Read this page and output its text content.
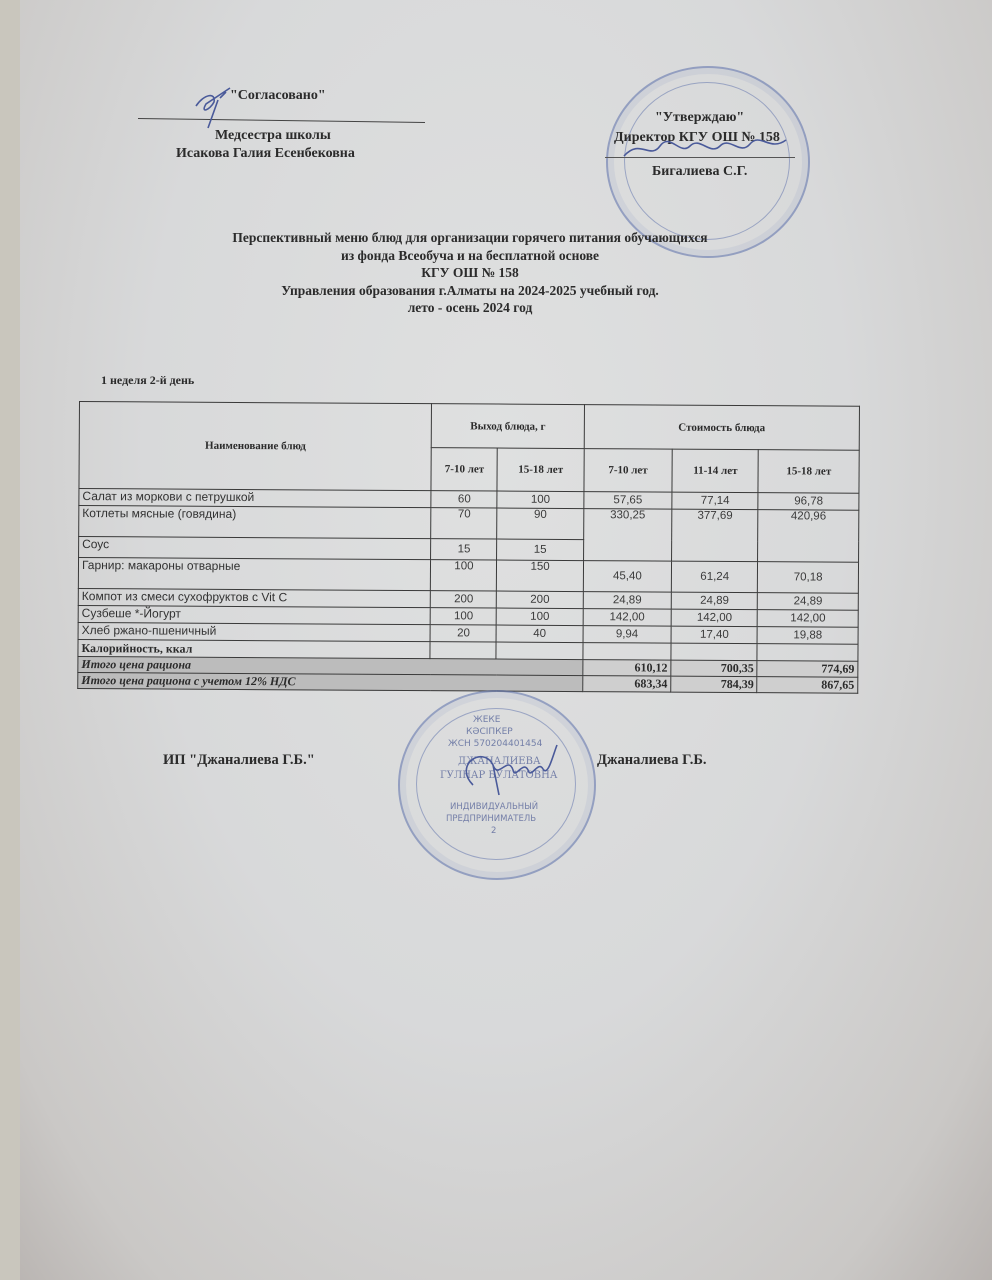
"Согласовано"
Медсестра школы
Исакова Галия Есенбековна
"Утверждаю"
Директор КГУ ОШ № 158
Бигалиева С.Г.
Перспективный меню блюд для организации горячего питания обучающихся
из фонда Всеобуча и на бесплатной основе
КГУ ОШ № 158
Управления образования г.Алматы на 2024-2025 учебный год.
лето - осень 2024 год
1 неделя 2-й день
Наименование блюд	Выход блюда, г		Стоимость блюда		
	7-10 лет	15-18 лет	7-10 лет	11-14 лет	15-18 лет
Салат из моркови с петрушкой	60	100	57,65	77,14	96,78
Котлеты мясные (говядина)	70	90	330,25	377,69	420,96
Соус	15	15			
Гарнир: макароны отварные	100	150	45,40	61,24	70,18
Компот из смеси сухофруктов с Vit C	200	200	24,89	24,89	24,89
Сузбеше *-Йогурт	100	100	142,00	142,00	142,00
Хлеб ржано-пшеничный	20	40	9,94	17,40	19,88
Калорийность, ккал					
Итого цена рациона			610,12	700,35	774,69
Итого цена рациона с учетом 12% НДС			683,34	784,39	867,65
ИП "Джаналиева Г.Б."	Джаналиева Г.Б.
ЖЕКЕ
КӘСІПКЕР
ЖСН 570204401454
ДЖАНАЛИЕВА
ГУЛНАР БУЛАТОВНА
ИНДИВИДУАЛЬНЫЙ
ПРЕДПРИНИМАТЕЛЬ
2
